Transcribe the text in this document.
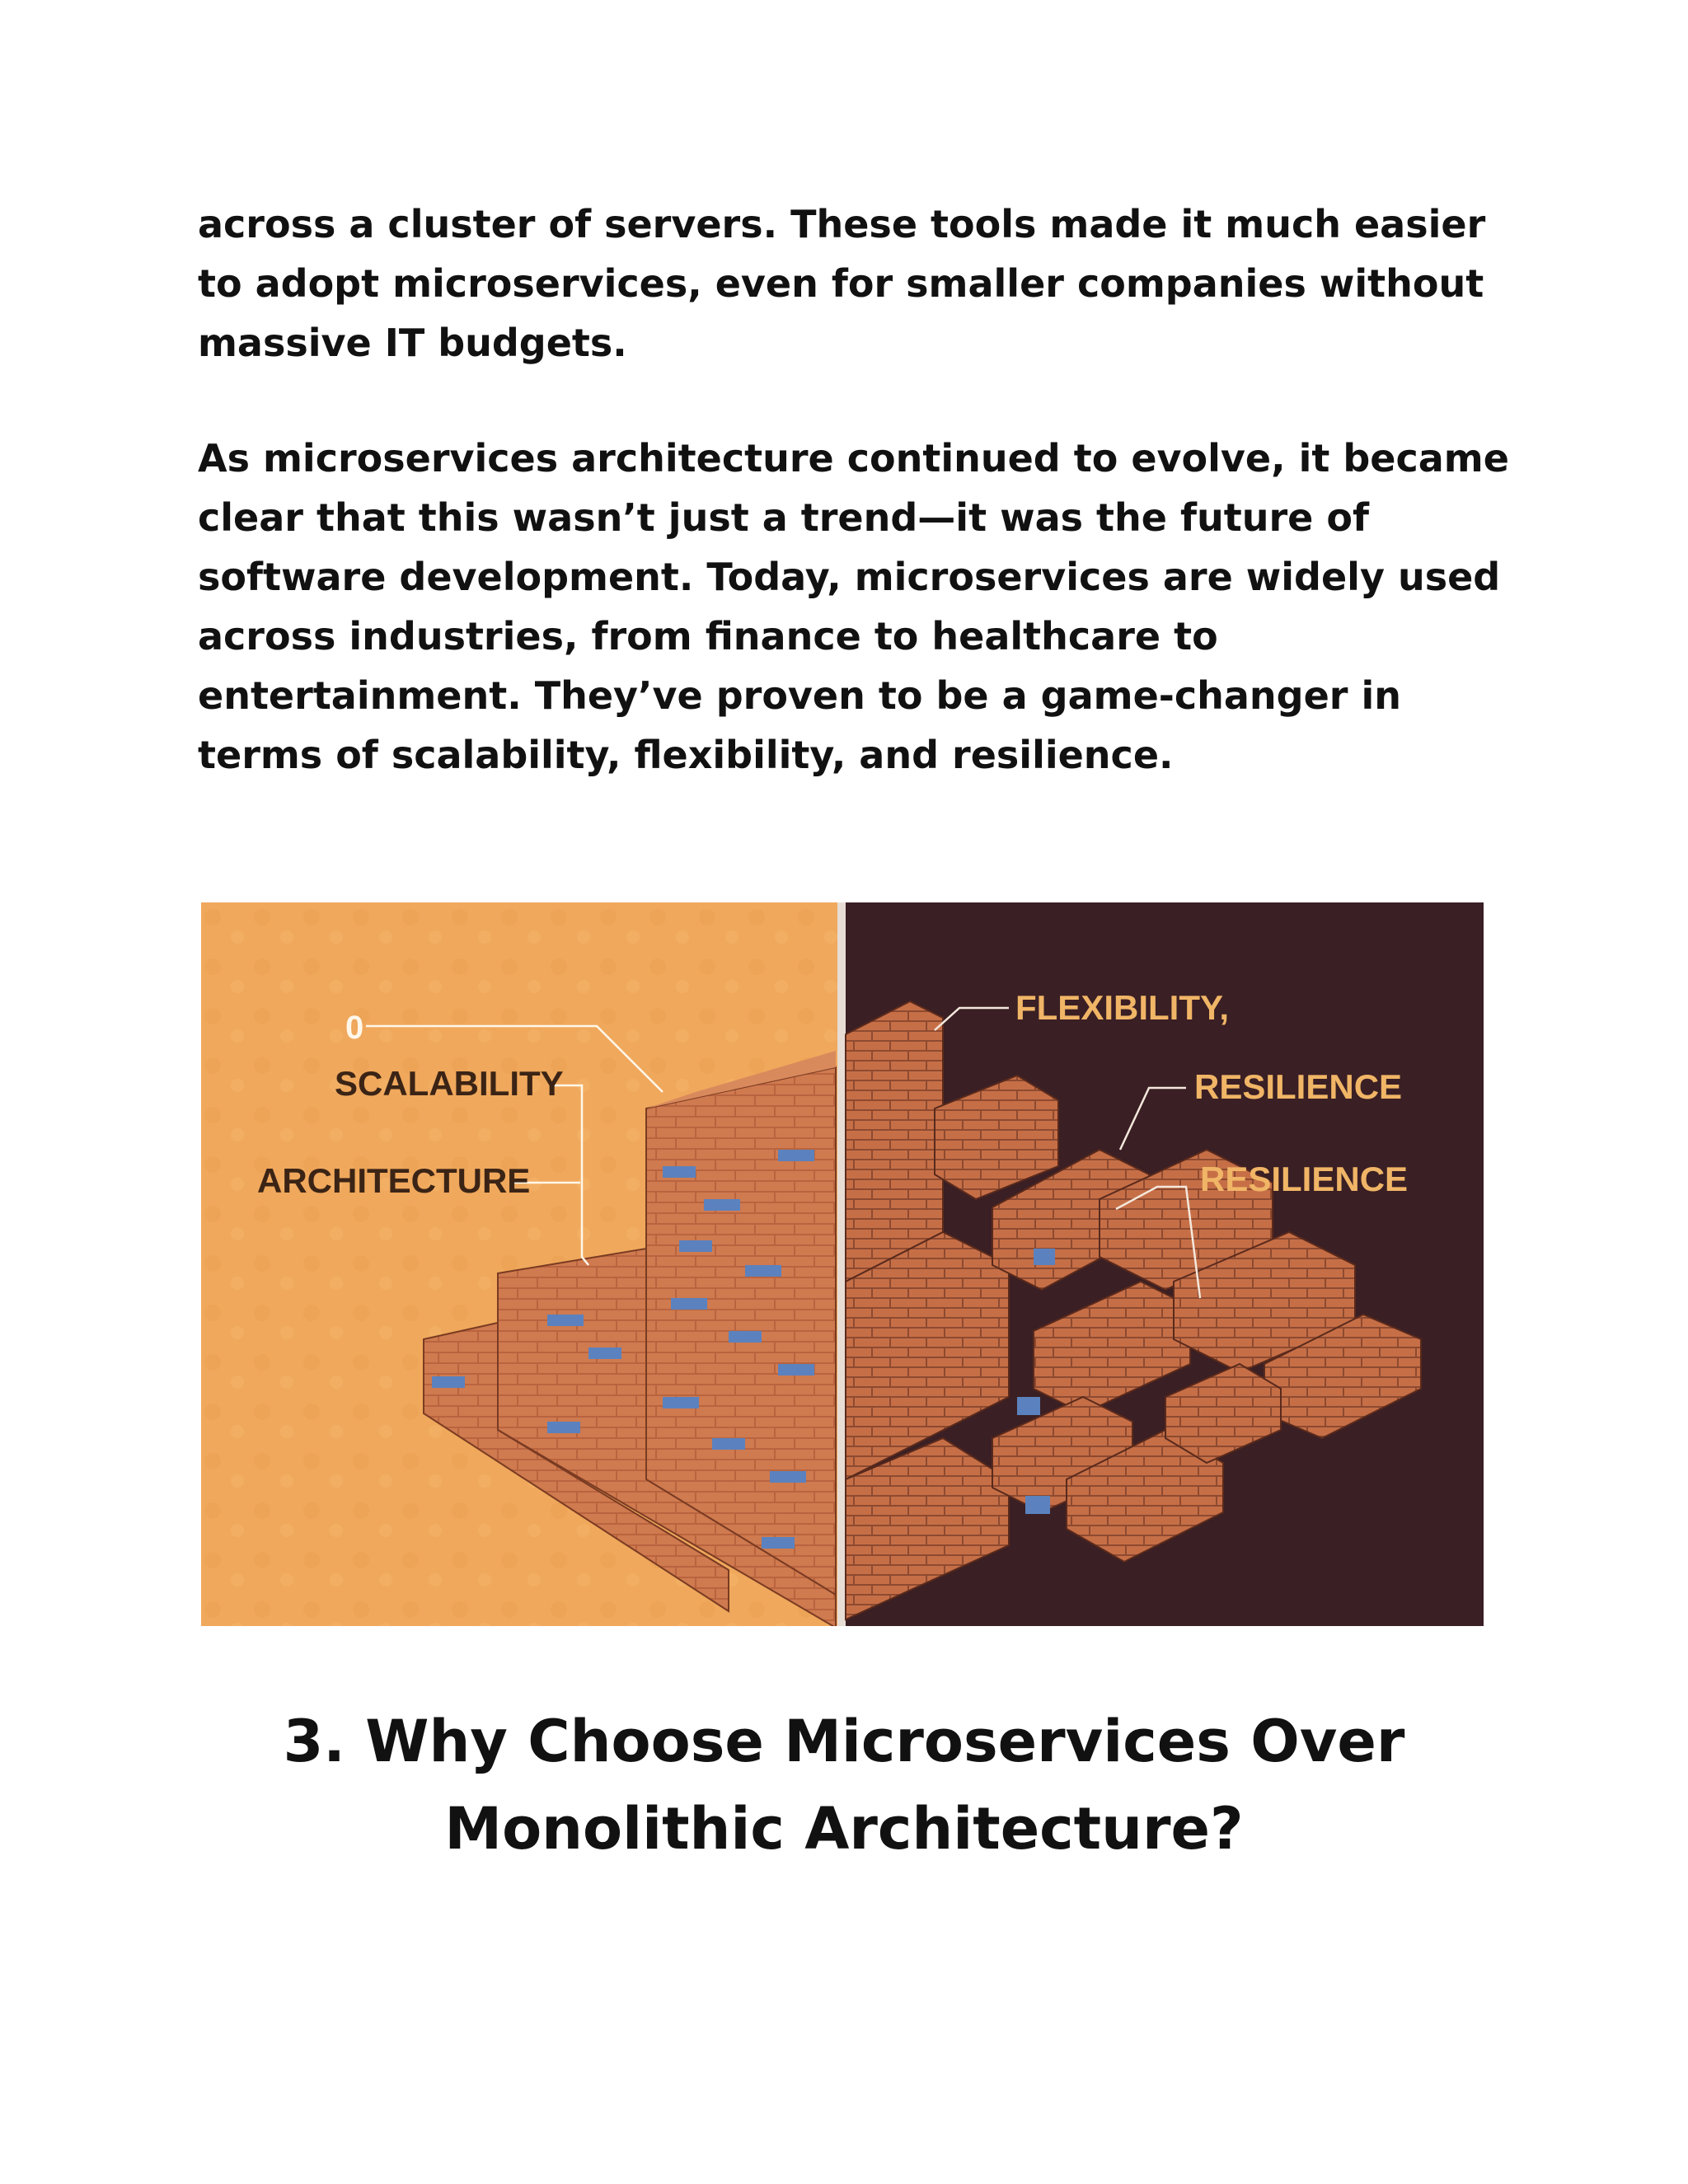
across a cluster of servers. These tools made it much easier
to adopt microservices, even for smaller companies without
massive IT budgets.

As microservices architecture continued to evolve, it became
clear that this wasn’t just a trend—it was the future of
software development. Today, microservices are widely used
across industries, from finance to healthcare to
entertainment. They’ve proven to be a game-changer in
terms of scalability, flexibility, and resilience.

0
SCALABILITY
ARCHITECTURE
FLEXIBILITY,
RESILIENCE
RESILIENCE
3. Why Choose Microservices Over
Monolithic Architecture?
